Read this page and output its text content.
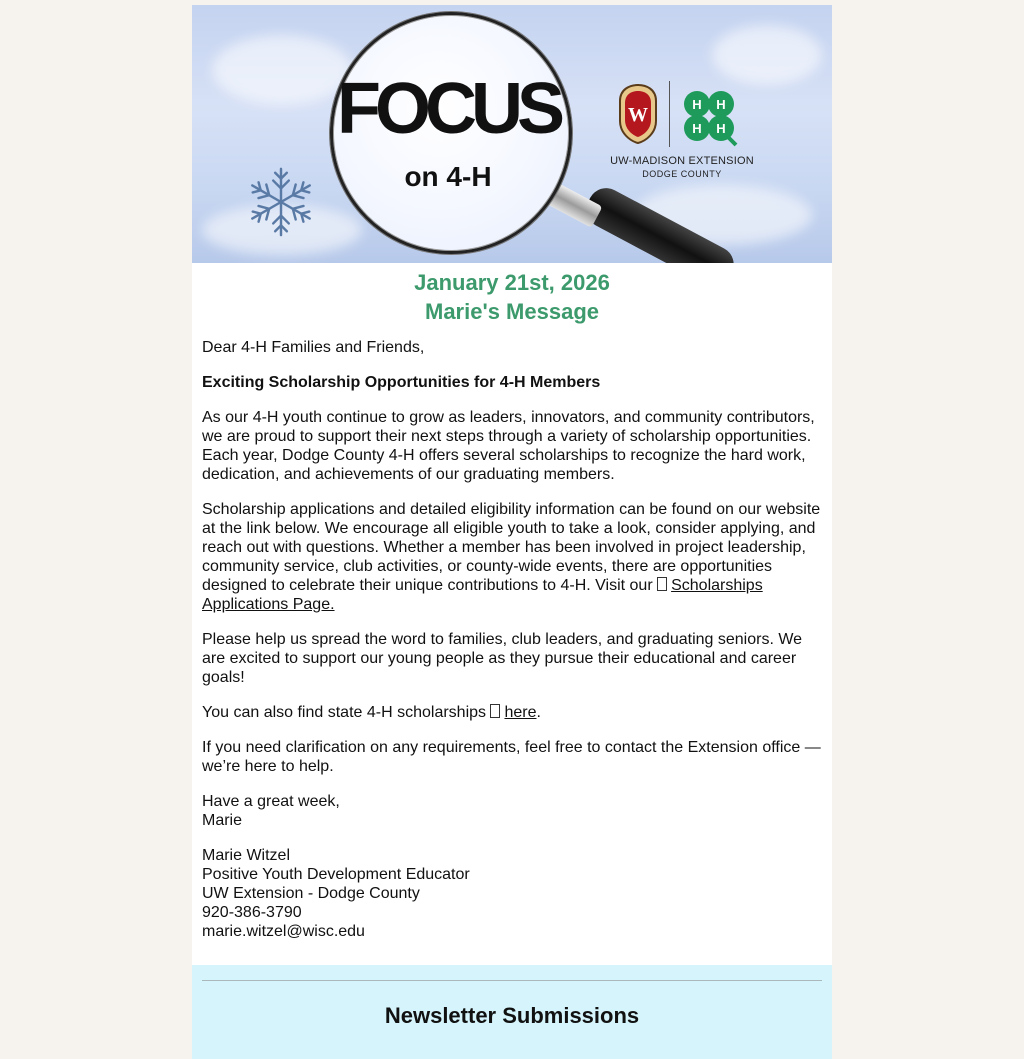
FOCUS
on 4-H
W	H H
H H
UW-MADISON EXTENSION
DODGE COUNTY
January 21st, 2026
Marie's Message

Dear 4-H Families and Friends,

Exciting Scholarship Opportunities for 4-H Members

As our 4-H youth continue to grow as leaders, innovators, and community contributors, we are proud to support their next steps through a variety of scholarship opportunities. Each year, Dodge County 4-H offers several scholarships to recognize the hard work, dedication, and achievements of our graduating members.

Scholarship applications and detailed eligibility information can be found on our website at the link below. We encourage all eligible youth to take a look, consider applying, and reach out with questions. Whether a member has been involved in project leadership, community service, club activities, or county-wide events, there are opportunities designed to celebrate their unique contributions to 4-H. Visit our Scholarships Applications Page.

Please help us spread the word to families, club leaders, and graduating seniors. We are excited to support our young people as they pursue their educational and career goals!

You can also find state 4-H scholarships here.

If you need clarification on any requirements, feel free to contact the Extension office — we’re here to help.

Have a great week,
Marie

Marie Witzel
Positive Youth Development Educator
UW Extension - Dodge County
920-386-3790
marie.witzel@wisc.edu

Newsletter Submissions
